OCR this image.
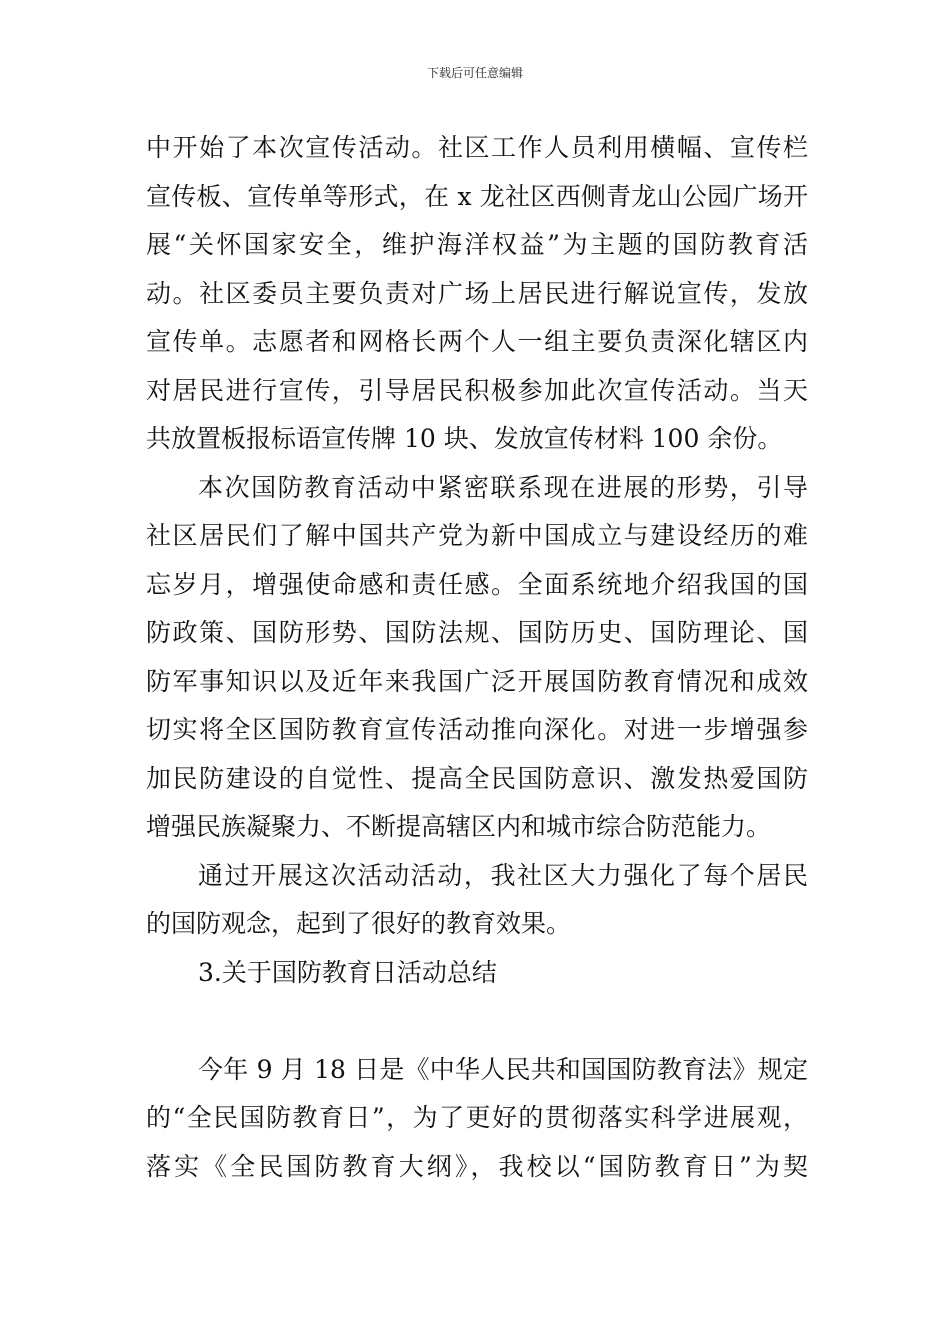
下载后可任意编辑
中开始了本次宣传活动。社区工作人员利用横幅、宣传栏
宣传板、宣传单等形式，在 x 龙社区西侧青龙山公园广场开
展“关怀国家安全，维护海洋权益”为主题的国防教育活
动。社区委员主要负责对广场上居民进行解说宣传，发放
宣传单。志愿者和网格长两个人一组主要负责深化辖区内
对居民进行宣传，引导居民积极参加此次宣传活动。当天
共放置板报标语宣传牌 10 块、发放宣传材料 100 余份。
本次国防教育活动中紧密联系现在进展的形势，引导
社区居民们了解中国共产党为新中国成立与建设经历的难
忘岁月，增强使命感和责任感。全面系统地介绍我国的国
防政策、国防形势、国防法规、国防历史、国防理论、国
防军事知识以及近年来我国广泛开展国防教育情况和成效
切实将全区国防教育宣传活动推向深化。对进一步增强参
加民防建设的自觉性、提高全民国防意识、激发热爱国防
增强民族凝聚力、不断提高辖区内和城市综合防范能力。
通过开展这次活动活动，我社区大力强化了每个居民
的国防观念，起到了很好的教育效果。
3.关于国防教育日活动总结
今年 9 月 18 日是《中华人民共和国国防教育法》规定
的“全民国防教育日”，为了更好的贯彻落实科学进展观，
落实《全民国防教育大纲》，我校以“国防教育日”为契
